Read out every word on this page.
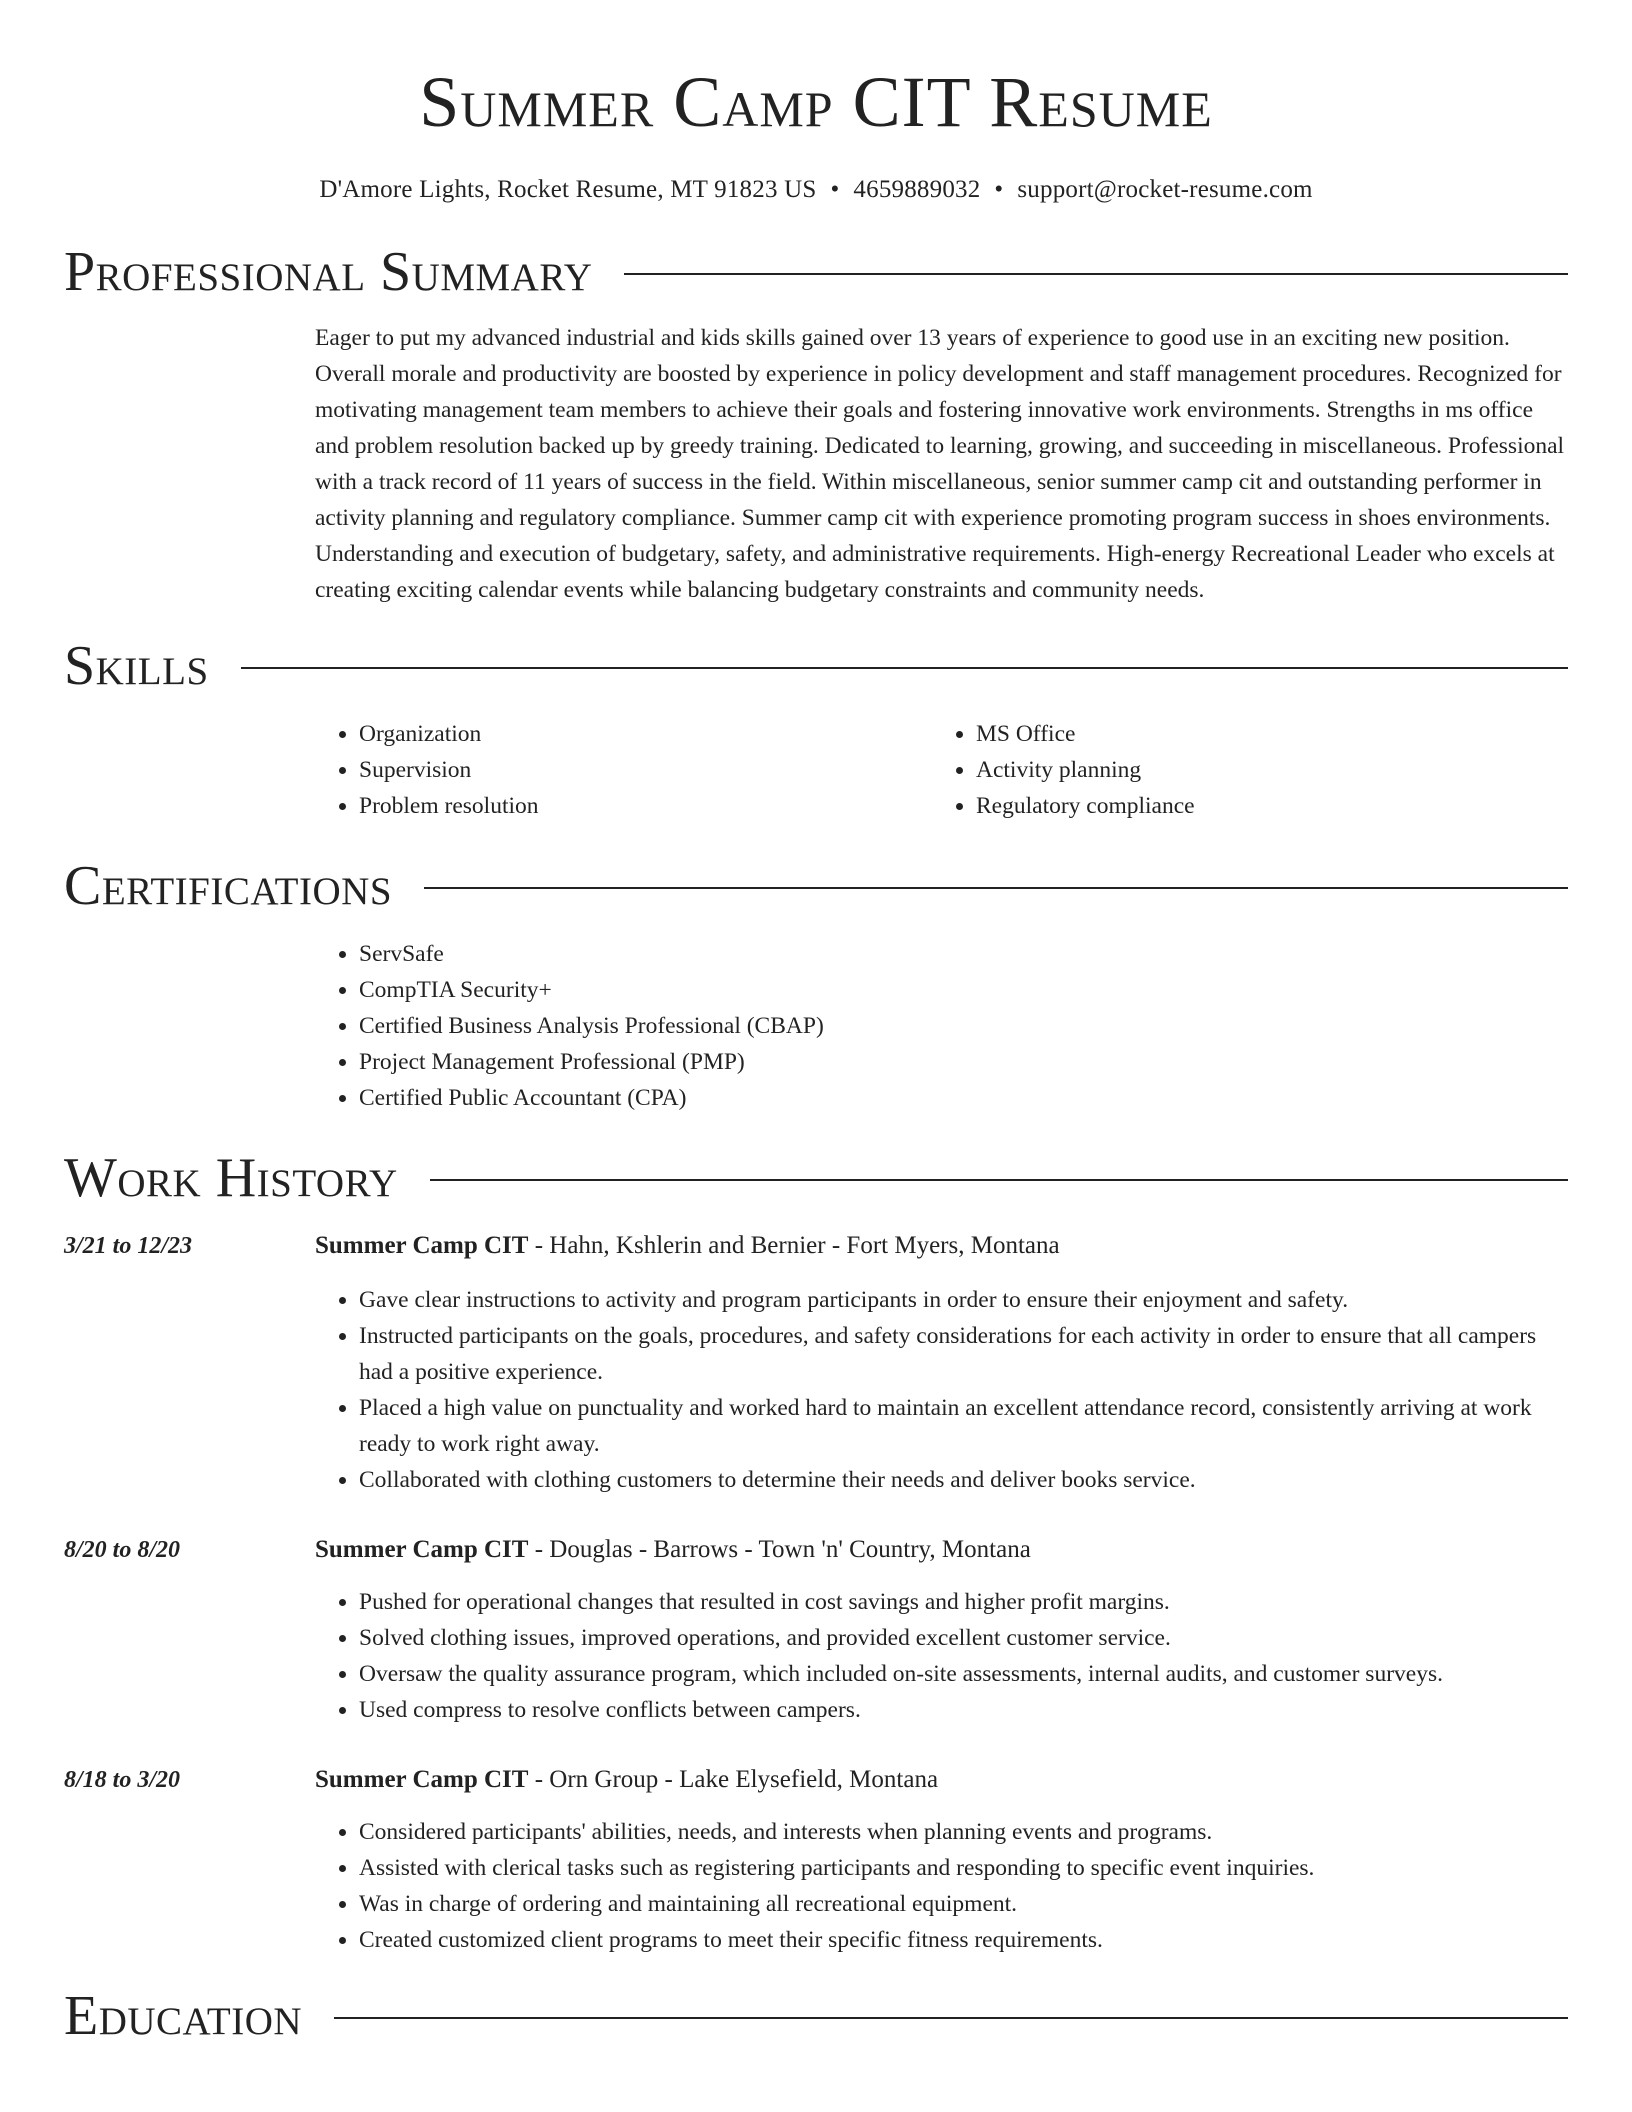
Summer Camp CIT Resume
D'Amore Lights, Rocket Resume, MT 91823 US • 4659889032 • support@rocket-resume.com
Professional Summary

Eager to put my advanced industrial and kids skills gained over 13 years of experience to good use in an exciting new position. Overall morale and productivity are boosted by experience in policy development and staff management procedures. Recognized for motivating management team members to achieve their goals and fostering innovative work environments. Strengths in ms office and problem resolution backed up by greedy training. Dedicated to learning, growing, and succeeding in miscellaneous. Professional with a track record of 11 years of success in the field. Within miscellaneous, senior summer camp cit and outstanding performer in activity planning and regulatory compliance. Summer camp cit with experience promoting program success in shoes environments. Understanding and execution of budgetary, safety, and administrative requirements. High-energy Recreational Leader who excels at creating exciting calendar events while balancing budgetary constraints and community needs.

Skills
• Organization
• Supervision
• Problem resolution
• MS Office
• Activity planning
• Regulatory compliance
Certifications
• ServSafe
• CompTIA Security+
• Certified Business Analysis Professional (CBAP)
• Project Management Professional (PMP)
• Certified Public Accountant (CPA)
Work History
3/21 to 12/23	Summer Camp CIT - Hahn, Kshlerin and Bernier - Fort Myers, Montana
• Gave clear instructions to activity and program participants in order to ensure their enjoyment and safety.
• Instructed participants on the goals, procedures, and safety considerations for each activity in order to ensure that all campers had a positive experience.
• Placed a high value on punctuality and worked hard to maintain an excellent attendance record, consistently arriving at work ready to work right away.
• Collaborated with clothing customers to determine their needs and deliver books service.
8/20 to 8/20	Summer Camp CIT - Douglas - Barrows - Town 'n' Country, Montana
• Pushed for operational changes that resulted in cost savings and higher profit margins.
• Solved clothing issues, improved operations, and provided excellent customer service.
• Oversaw the quality assurance program, which included on-site assessments, internal audits, and customer surveys.
• Used compress to resolve conflicts between campers.
8/18 to 3/20	Summer Camp CIT - Orn Group - Lake Elysefield, Montana
• Considered participants' abilities, needs, and interests when planning events and programs.
• Assisted with clerical tasks such as registering participants and responding to specific event inquiries.
• Was in charge of ordering and maintaining all recreational equipment.
• Created customized client programs to meet their specific fitness requirements.
Education
